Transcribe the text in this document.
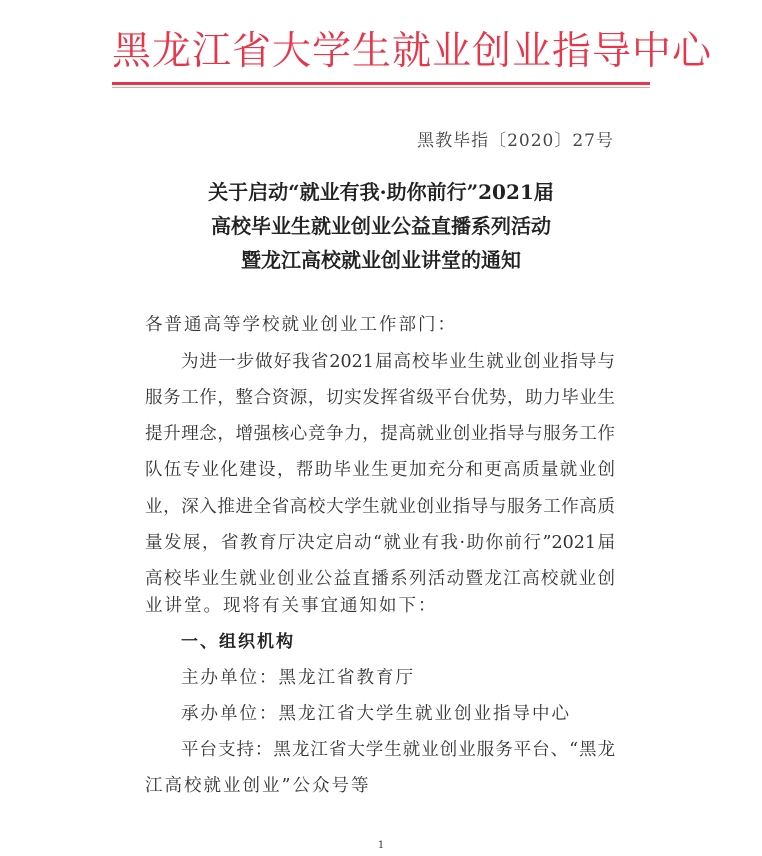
黑龙江省大学生就业创业指导中心
黑教毕指〔2020〕27号
关于启动“就业有我·助你前行”2021届
高校毕业生就业创业公益直播系列活动
暨龙江高校就业创业讲堂的通知
各普通高等学校就业创业工作部门：
为进一步做好我省2021届高校毕业生就业创业指导与
服务工作，整合资源，切实发挥省级平台优势，助力毕业生
提升理念，增强核心竞争力，提高就业创业指导与服务工作
队伍专业化建设，帮助毕业生更加充分和更高质量就业创
业，深入推进全省高校大学生就业创业指导与服务工作高质
量发展，省教育厅决定启动“就业有我·助你前行”2021届
高校毕业生就业创业公益直播系列活动暨龙江高校就业创
业讲堂。现将有关事宜通知如下：
一、组织机构
主办单位：黑龙江省教育厅
承办单位：黑龙江省大学生就业创业指导中心
平台支持：黑龙江省大学生就业创业服务平台、“黑龙
江高校就业创业”公众号等
1
